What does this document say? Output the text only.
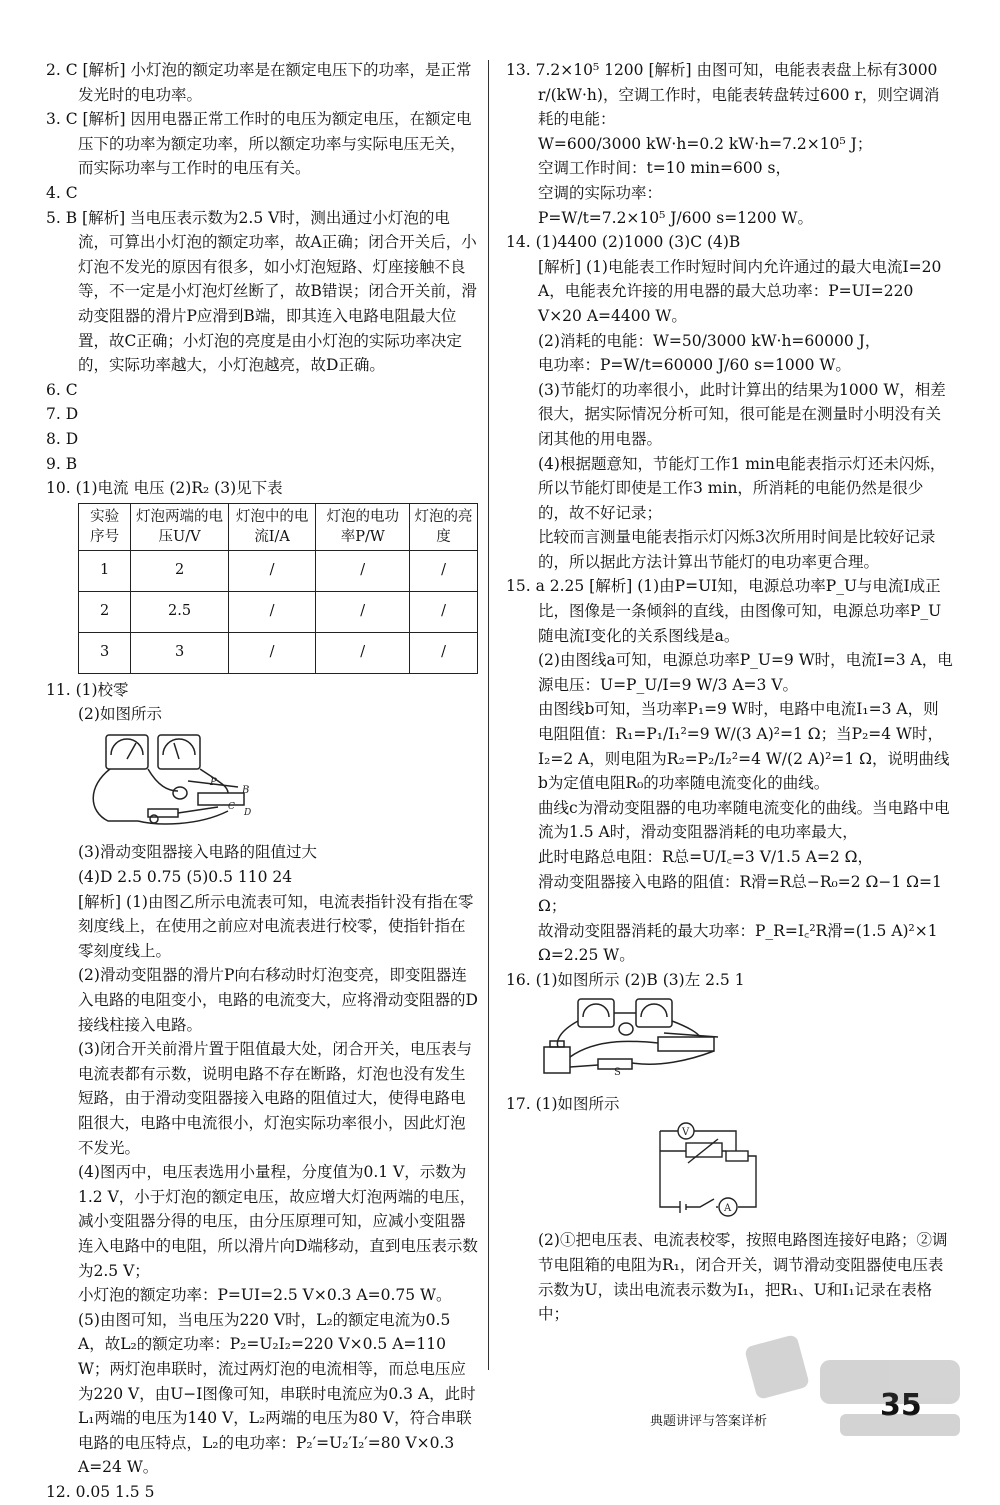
2. C [解析] 小灯泡的额定功率是在额定电压下的功率，是正常发光时的电功率。

3. C [解析] 因用电器正常工作时的电压为额定电压，在额定电压下的功率为额定功率，所以额定功率与实际电压无关，而实际功率与工作时的电压有关。

4. C

5. B [解析] 当电压表示数为2.5 V时，测出通过小灯泡的电流，可算出小灯泡的额定功率，故A正确；闭合开关后，小灯泡不发光的原因有很多，如小灯泡短路、灯座接触不良等，不一定是小灯泡灯丝断了，故B错误；闭合开关前，滑动变阻器的滑片P应滑到B端，即其连入电路电阻最大位置，故C正确；小灯泡的亮度是由小灯泡的实际功率决定的，实际功率越大，小灯泡越亮，故D正确。

6. C

7. D

8. D

9. B

10. (1)电流 电压 (2)R₂ (3)见下表

实验序号	灯泡两端的电压U/V	灯泡中的电流I/A	灯泡的电功率P/W	灯泡的亮度
1	2	/	/	/
2	2.5	/	/	/
3	3	/	/	/

11. (1)校零

(2)如图所示

P
B
C
D

(3)滑动变阻器接入电路的阻值过大

(4)D 2.5 0.75 (5)0.5 110 24

[解析] (1)由图乙所示电流表可知，电流表指针没有指在零刻度线上，在使用之前应对电流表进行校零，使指针指在零刻度线上。

(2)滑动变阻器的滑片P向右移动时灯泡变亮，即变阻器连入电路的电阻变小，电路的电流变大，应将滑动变阻器的D接线柱接入电路。

(3)闭合开关前滑片置于阻值最大处，闭合开关，电压表与电流表都有示数，说明电路不存在断路，灯泡也没有发生短路，由于滑动变阻器接入电路的阻值过大，使得电路电阻很大，电路中电流很小，灯泡实际功率很小，因此灯泡不发光。

(4)图丙中，电压表选用小量程，分度值为0.1 V，示数为1.2 V，小于灯泡的额定电压，故应增大灯泡两端的电压，减小变阻器分得的电压，由分压原理可知，应减小变阻器连入电路中的电阻，所以滑片向D端移动，直到电压表示数为2.5 V；

小灯泡的额定功率：P=UI=2.5 V×0.3 A=0.75 W。

(5)由图可知，当电压为220 V时，L₂的额定电流为0.5 A，故L₂的额定功率：P₂=U₂I₂=220 V×0.5 A=110 W；两灯泡串联时，流过两灯泡的电流相等，而总电压应为220 V，由U−I图像可知，串联时电流应为0.3 A，此时L₁两端的电压为140 V，L₂两端的电压为80 V，符合串联电路的电压特点，L₂的电功率：P₂′=U₂′I₂′=80 V×0.3 A=24 W。

12. 0.05 1.5 5

13. 7.2×10⁵ 1200 [解析] 由图可知，电能表表盘上标有3000 r/(kW·h)，空调工作时，电能表转盘转过600 r，则空调消耗的电能：

W=600/3000 kW·h=0.2 kW·h=7.2×10⁵ J；

空调工作时间：t=10 min=600 s，

空调的实际功率：

P=W/t=7.2×10⁵ J/600 s=1200 W。

14. (1)4400 (2)1000 (3)C (4)B

[解析] (1)电能表工作时短时间内允许通过的最大电流I=20 A，电能表允许接的用电器的最大总功率：P=UI=220 V×20 A=4400 W。

(2)消耗的电能：W=50/3000 kW·h=60000 J，

电功率：P=W/t=60000 J/60 s=1000 W。

(3)节能灯的功率很小，此时计算出的结果为1000 W，相差很大，据实际情况分析可知，很可能是在测量时小明没有关闭其他的用电器。

(4)根据题意知，节能灯工作1 min电能表指示灯还未闪烁，所以节能灯即使是工作3 min，所消耗的电能仍然是很少的，故不好记录；

比较而言测量电能表指示灯闪烁3次所用时间是比较好记录的，所以据此方法计算出节能灯的电功率更合理。

15. a 2.25 [解析] (1)由P=UI知，电源总功率P_U与电流I成正比，图像是一条倾斜的直线，由图像可知，电源总功率P_U随电流I变化的关系图线是a。

(2)由图线a可知，电源总功率P_U=9 W时，电流I=3 A，电源电压：U=P_U/I=9 W/3 A=3 V。

由图线b可知，当功率P₁=9 W时，电路中电流I₁=3 A，则电阻阻值：R₁=P₁/I₁²=9 W/(3 A)²=1 Ω；当P₂=4 W时，I₂=2 A，则电阻为R₂=P₂/I₂²=4 W/(2 A)²=1 Ω，说明曲线b为定值电阻R₀的功率随电流变化的曲线。

曲线c为滑动变阻器的电功率随电流变化的曲线。当电路中电流为1.5 A时，滑动变阻器消耗的电功率最大，

此时电路总电阻：R总=U/I꜀=3 V/1.5 A=2 Ω，

滑动变阻器接入电路的阻值：R滑=R总−R₀=2 Ω−1 Ω=1 Ω；

故滑动变阻器消耗的最大功率：P_R=I꜀²R滑=(1.5 A)²×1 Ω=2.25 W。

16. (1)如图所示 (2)B (3)左 2.5 1

S

17. (1)如图所示

V
A

(2)①把电压表、电流表校零，按照电路图连接好电路；②调节电阻箱的电阻为R₁，闭合开关，调节滑动变阻器使电压表示数为U，读出电流表示数为I₁，把R₁、U和I₁记录在表格中；

典题讲评与答案详析	35
